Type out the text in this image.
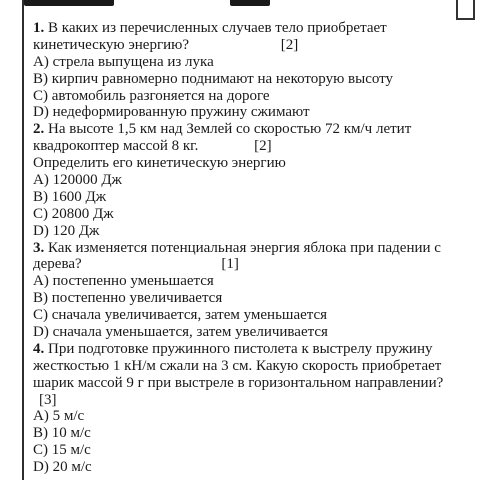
1. В каких из перечисленных случаев тело приобретает
кинетическую энергию?	[2]
A) стрела выпущена из лука
B) кирпич равномерно поднимают на некоторую высоту
C) автомобиль разгоняется на дороге
D) недеформированную пружину сжимают
2. На высоте 1,5 км над Землей со скоростью 72 км/ч летит
квадрокоптер массой 8 кг.	[2]
Определить его кинетическую энергию
A) 120000 Дж
B) 1600 Дж
C) 20800 Дж
D) 120 Дж
3. Как изменяется потенциальная энергия яблока при падении с
дерева?	[1]
A) постепенно уменьшается
B) постепенно увеличивается
C) сначала увеличивается, затем уменьшается
D) сначала уменьшается, затем увеличивается
4. При подготовке пружинного пистолета к выстрелу пружину
жесткостью 1 кН/м сжали на 3 см. Какую скорость приобретает
шарик массой 9 г при выстреле в горизонтальном направлении?
[3]
A) 5 м/с
B) 10 м/с
C) 15 м/с
D) 20 м/с
